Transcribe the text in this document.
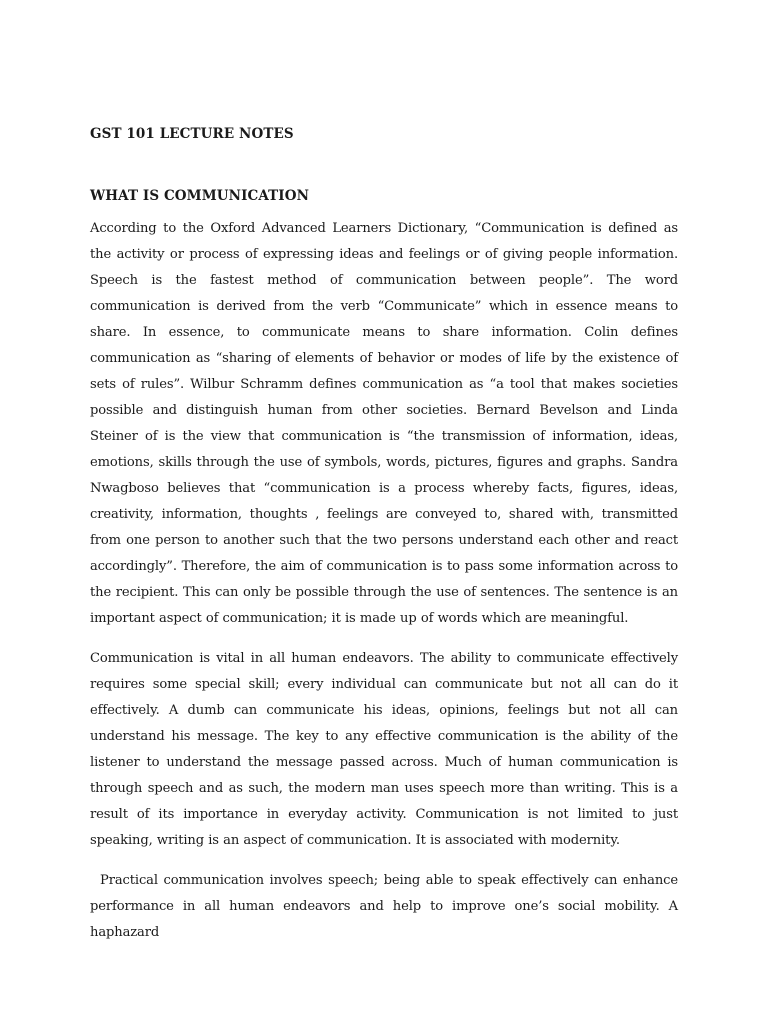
GST 101 LECTURE NOTES
WHAT IS COMMUNICATION

According to the Oxford Advanced Learners Dictionary, “Communication is defined as the activity or process of expressing ideas and feelings or of giving people information. Speech is the fastest method of communication between people”. The word communication is derived from the verb “Communicate” which in essence means to share. In essence, to communicate means to share information. Colin defines communication as “sharing of elements of behavior or modes of life by the existence of sets of rules”. Wilbur Schramm defines communication as “a tool that makes societies possible and distinguish human from other societies. Bernard Bevelson and Linda Steiner of is the view that communication is “the transmission of information, ideas, emotions, skills through the use of symbols, words, pictures, figures and graphs. Sandra Nwagboso believes that “communication is a process whereby facts, figures, ideas, creativity, information, thoughts , feelings are conveyed to, shared with, transmitted from one person to another such that the two persons understand each other and react accordingly”. Therefore, the aim of communication is to pass some information across to the recipient. This can only be possible through the use of sentences. The sentence is an important aspect of communication; it is made up of words which are meaningful.

Communication is vital in all human endeavors. The ability to communicate effectively requires some special skill; every individual can communicate but not all can do it effectively. A dumb can communicate his ideas, opinions, feelings but not all can understand his message. The key to any effective communication is the ability of the listener to understand the message passed across. Much of human communication is through speech and as such, the modern man uses speech more than writing. This is a result of its importance in everyday activity. Communication is not limited to just speaking, writing is an aspect of communication. It is associated with modernity.

Practical communication involves speech; being able to speak effectively can enhance performance in all human endeavors and help to improve one’s social mobility. A haphazard
